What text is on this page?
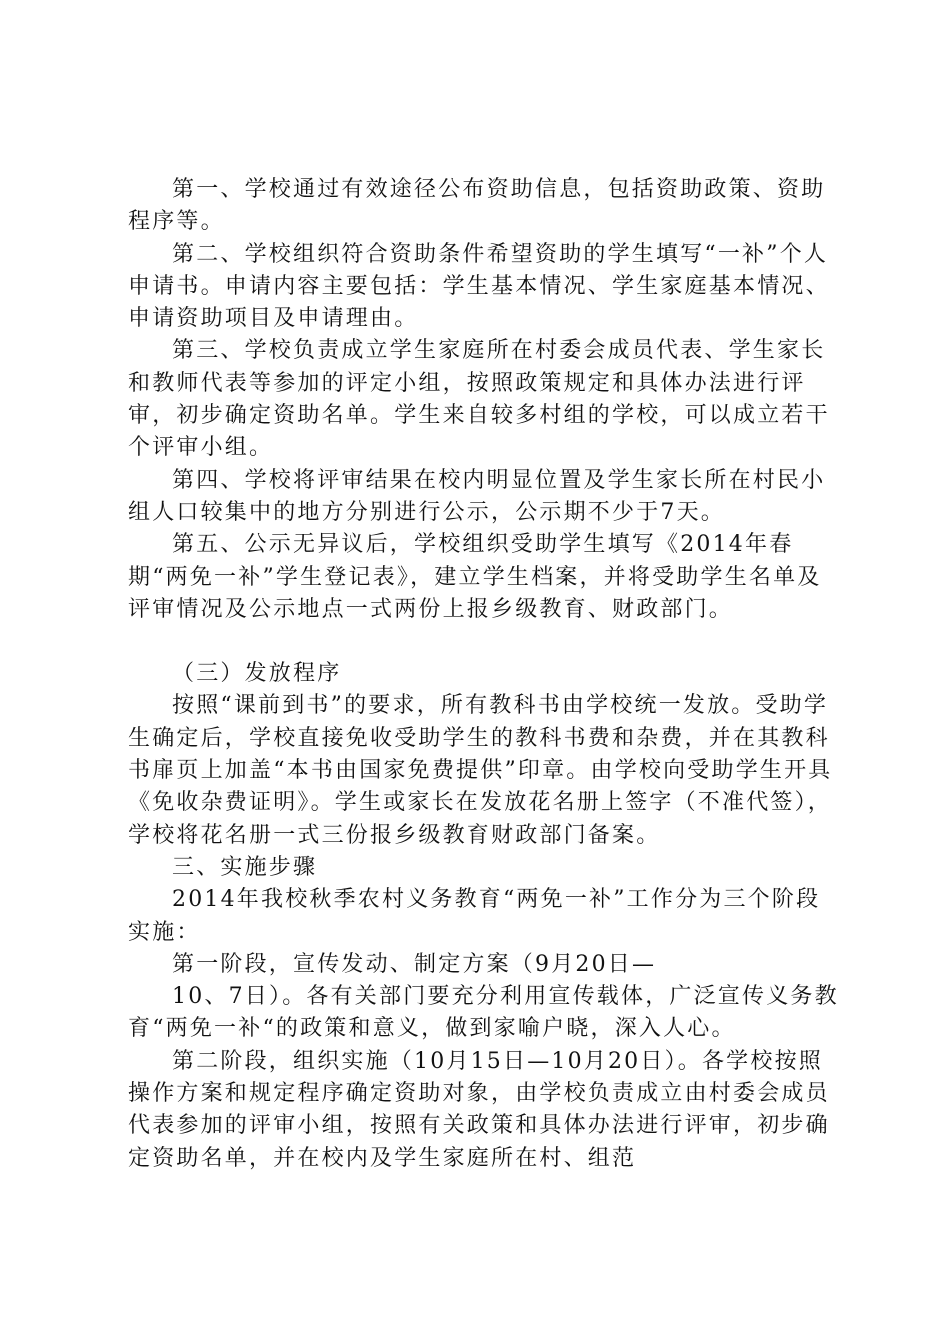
第一、学校通过有效途径公布资助信息，包括资助政策、资助程序等。

第二、学校组织符合资助条件希望资助的学生填写“一补”个人申请书。申请内容主要包括：学生基本情况、学生家庭基本情况、申请资助项目及申请理由。

第三、学校负责成立学生家庭所在村委会成员代表、学生家长和教师代表等参加的评定小组，按照政策规定和具体办法进行评审，初步确定资助名单。学生来自较多村组的学校，可以成立若干个评审小组。

第四、学校将评审结果在校内明显位置及学生家长所在村民小组人口较集中的地方分别进行公示，公示期不少于7天。

第五、公示无异议后，学校组织受助学生填写《2014年春期“两免一补”学生登记表》，建立学生档案，并将受助学生名单及评审情况及公示地点一式两份上报乡级教育、财政部门。

（三）发放程序

按照“课前到书”的要求，所有教科书由学校统一发放。受助学生确定后，学校直接免收受助学生的教科书费和杂费，并在其教科书扉页上加盖“本书由国家免费提供”印章。由学校向受助学生开具《免收杂费证明》。学生或家长在发放花名册上签字（不准代签），学校将花名册一式三份报乡级教育财政部门备案。

三、实施步骤

2014年我校秋季农村义务教育“两免一补”工作分为三个阶段实施：

第一阶段，宣传发动、制定方案（9月20日—

10、7日）。各有关部门要充分利用宣传载体，广泛宣传义务教育“两免一补“的政策和意义，做到家喻户晓，深入人心。

第二阶段，组织实施（10月15日—10月20日）。各学校按照操作方案和规定程序确定资助对象，由学校负责成立由村委会成员代表参加的评审小组，按照有关政策和具体办法进行评审，初步确定资助名单，并在校内及学生家庭所在村、组范
